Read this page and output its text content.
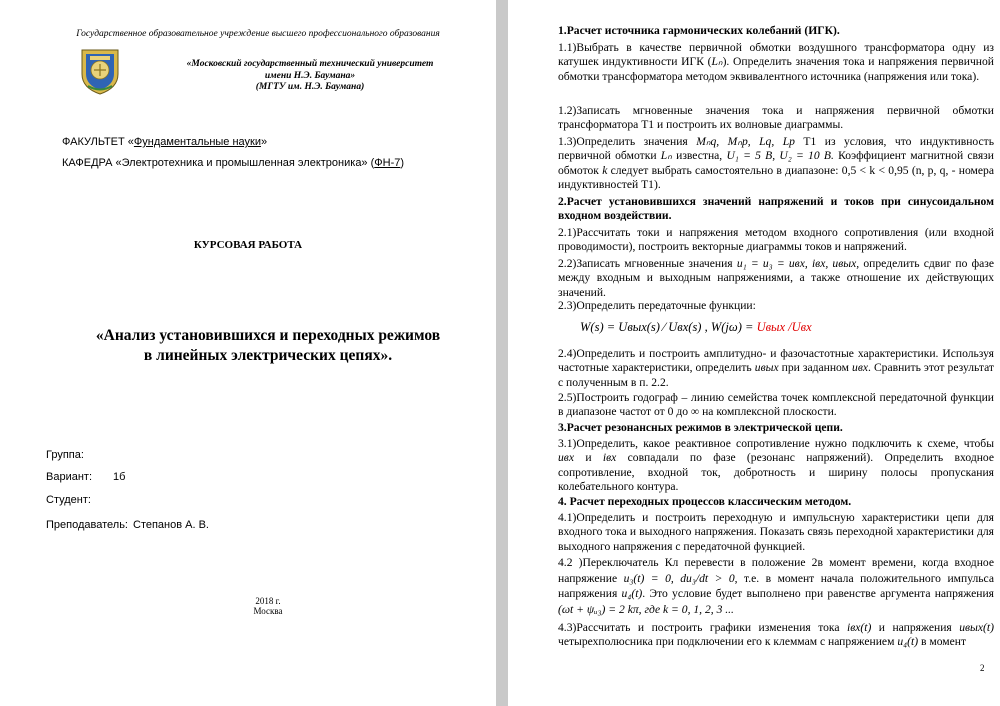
Государственное образовательное учреждение высшего профессионального образования
«Московский государственный технический университет
имени Н.Э. Баумана»
(МГТУ им. Н.Э. Баумана)
ФАКУЛЬТЕТ «Фундаментальные науки»
КАФЕДРА «Электротехника и промышленная электроника» (ФН-7)
КУРСОВАЯ РАБОТА
«Анализ установившихся и переходных режимов
в линейных электрических цепях».
Группа:
Вариант: 1б
Студент:
Преподаватель: Степанов А. В.
2018 г.
Москва
1.Расчет источника гармонических колебаний (ИГК).
1.1)Выбрать в качестве первичной обмотки воздушного трансформатора одну из катушек индуктивности ИГК (Lₙ). Определить значения тока и напряжения первичной обмотки трансформатора методом эквивалентного источника (напряжения или тока).
1.2)Записать мгновенные значения тока и напряжения первичной обмотки трансформатора Т1 и построить их волновые диаграммы.
1.3)Определить значения Mₙq, Mₙp, Lq, Lp Т1 из условия, что индуктивность первичной обмотки Lₙ известна, U₁ = 5 В, U₂ = 10 В. Коэффициент магнитной связи обмоток k следует выбрать самостоятельно в диапазоне: 0,5 < k < 0,95 (n, p, q, - номера индуктивностей Т1).
2.Расчет установившихся значений напряжений и токов при синусоидальном входном воздействии.
2.1)Рассчитать токи и напряжения методом входного сопротивления (или входной проводимости), построить векторные диаграммы токов и напряжений.
2.2)Записать мгновенные значения u₁ = u₃ = uвх, iвх, uвых, определить сдвиг по фазе между входным и выходным напряжениями, а также отношение их действующих значений.
2.3)Определить передаточные функции:
W(s) = Uвых(s) ⁄ Uвх(s) , W(jω) = Uвых /Uвх
2.4)Определить и построить амплитудно- и фазочастотные характеристики. Используя частотные характеристики, определить uвых при заданном uвх. Сравнить этот результат с полученным в п. 2.2.
2.5)Построить годограф – линию семейства точек комплексной передаточной функции в диапазоне частот от 0 до ∞ на комплексной плоскости.
3.Расчет резонансных режимов в электрической цепи.
3.1)Определить, какое реактивное сопротивление нужно подключить к схеме, чтобы uвх и iвх совпадали по фазе (резонанс напряжений). Определить входное сопротивление, входной ток, добротность и ширину полосы пропускания колебательного контура.
4. Расчет переходных процессов классическим методом.
4.1)Определить и построить переходную и импульсную характеристики цепи для входного тока и выходного напряжения. Показать связь переходной характеристики для выходного напряжения с передаточной функцией.
4.2 )Переключатель Кл перевести в положение 2в момент времени, когда входное напряжение u₃(t) = 0, du₃/dt > 0, т.е. в момент начала положительного импульса напряжения u₄(t). Это условие будет выполнено при равенстве аргумента напряжения (ωt + ψᵤ₃) = 2 kπ, где k = 0, 1, 2, 3 ...
4.3)Рассчитать и построить графики изменения тока iвх(t) и напряжения uвых(t) четырехполюсника при подключении его к клеммам с напряжением u₄(t) в момент
2
